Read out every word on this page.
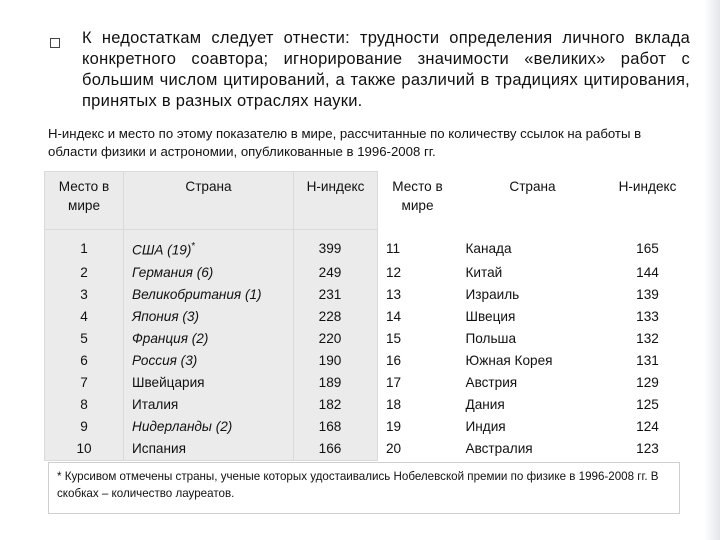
К недостаткам следует отнести: трудности определения личного вклада конкретного соавтора; игнорирование значимости «великих» работ с большим числом цитирований, а также различий в традициях цитирования, принятых в разных отраслях науки.
Н-индекс и место по этому показателю в мире, рассчитанные по количеству ссылок на работы в области физики и астрономии, опубликованные в 1996-2008 гг.
Место в мире	Страна	Н-индекс	Место в мире	Страна	Н-индекс
1	США (19)*	399	11	Канада	165
2	Германия (6)	249	12	Китай	144
3	Великобритания (1)	231	13	Израиль	139
4	Япония (3)	228	14	Швеция	133
5	Франция (2)	220	15	Польша	132
6	Россия (3)	190	16	Южная Корея	131
7	Швейцария	189	17	Австрия	129
8	Италия	182	18	Дания	125
9	Нидерланды (2)	168	19	Индия	124
10	Испания	166	20	Австралия	123
* Курсивом отмечены страны, ученые которых удостаивались Нобелевской премии по физике в 1996-2008 гг. В скобках – количество лауреатов.
